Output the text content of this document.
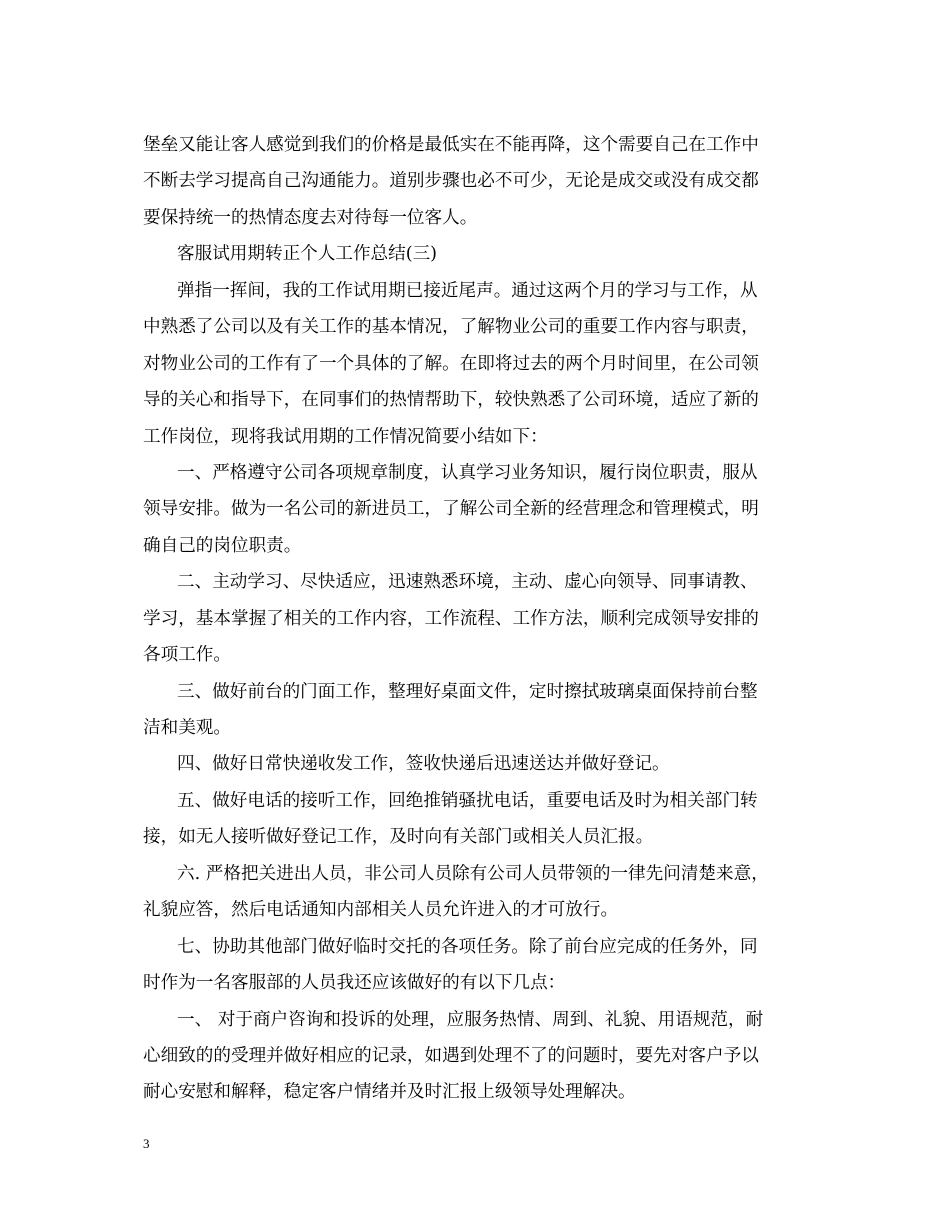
堡垒又能让客人感觉到我们的价格是最低实在不能再降，这个需要自己在工作中
不断去学习提高自己沟通能力。道别步骤也必不可少，无论是成交或没有成交都
要保持统一的热情态度去对待每一位客人。
客服试用期转正个人工作总结(三)
弹指一挥间，我的工作试用期已接近尾声。通过这两个月的学习与工作，从
中熟悉了公司以及有关工作的基本情况，了解物业公司的重要工作内容与职责，
对物业公司的工作有了一个具体的了解。在即将过去的两个月时间里，在公司领
导的关心和指导下，在同事们的热情帮助下，较快熟悉了公司环境，适应了新的
工作岗位，现将我试用期的工作情况简要小结如下：
一、严格遵守公司各项规章制度，认真学习业务知识，履行岗位职责，服从
领导安排。做为一名公司的新进员工，了解公司全新的经营理念和管理模式，明
确自己的岗位职责。
二、主动学习、尽快适应，迅速熟悉环境，主动、虚心向领导、同事请教、
学习，基本掌握了相关的工作内容，工作流程、工作方法，顺利完成领导安排的
各项工作。
三、做好前台的门面工作，整理好桌面文件，定时擦拭玻璃桌面保持前台整
洁和美观。
四、做好日常快递收发工作，签收快递后迅速送达并做好登记。
五、做好电话的接听工作，回绝推销骚扰电话，重要电话及时为相关部门转
接，如无人接听做好登记工作，及时向有关部门或相关人员汇报。
六. 严格把关进出人员，非公司人员除有公司人员带领的一律先问清楚来意，
礼貌应答，然后电话通知内部相关人员允许进入的才可放行。
七、协助其他部门做好临时交托的各项任务。除了前台应完成的任务外，同
时作为一名客服部的人员我还应该做好的有以下几点：
一、 对于商户咨询和投诉的处理，应服务热情、周到、礼貌、用语规范，耐
心细致的的受理并做好相应的记录，如遇到处理不了的问题时，要先对客户予以
耐心安慰和解释，稳定客户情绪并及时汇报上级领导处理解决。
3
